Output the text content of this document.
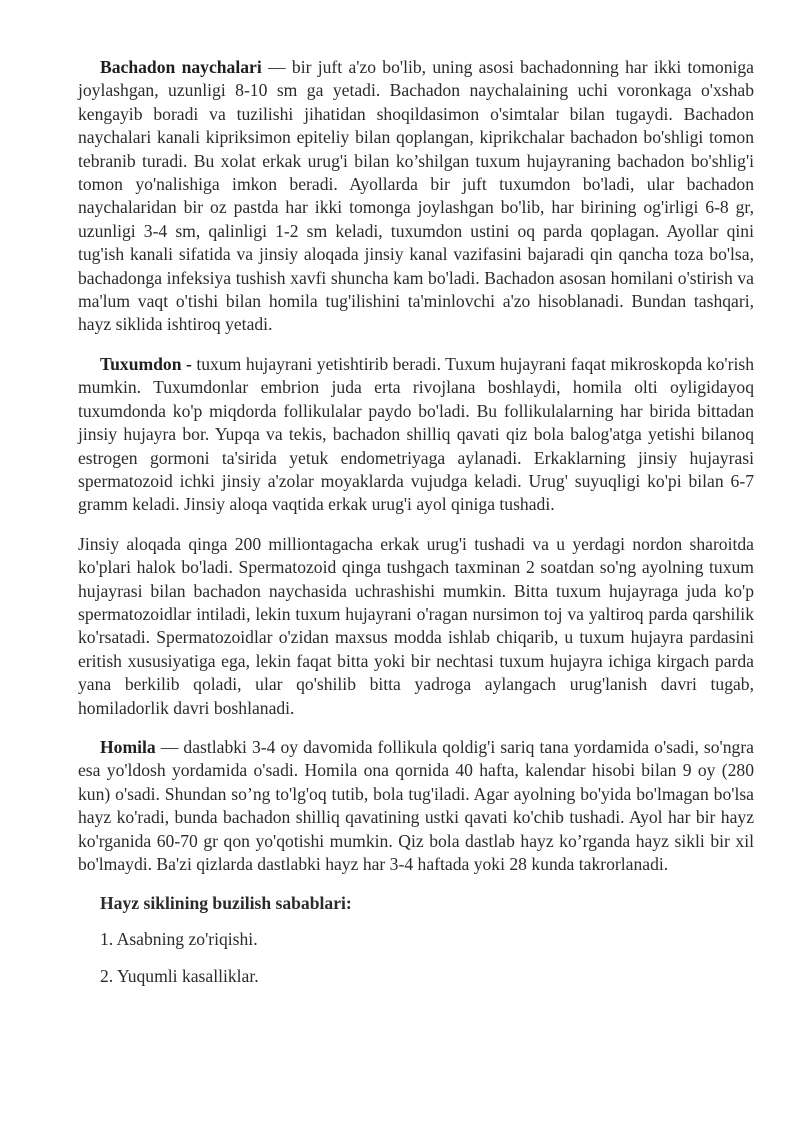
Bachadon naychalari — bir juft a'zo bo'lib, uning asosi bachadonning har ikki tomoniga joylashgan, uzunligi 8-10 sm ga yetadi. Bachadon naychalaining uchi voronkaga o'xshab kengayib boradi va tuzilishi jihatidan shoqildasimon o'simtalar bilan tugaydi. Bachadon naychalari kanali kipriksimon epiteliy bilan qoplangan, kiprikchalar bachadon bo'shligi tomon tebranib turadi. Bu xolat erkak urug'i bilan ko’shilgan tuxum hujayraning bachadon bo'shlig'i tomon yo'nalishiga imkon beradi. Ayollarda bir juft tuxumdon bo'ladi, ular bachadon naychalaridan bir oz pastda har ikki tomonga joylashgan bo'lib, har birining og'irligi 6-8 gr, uzunligi 3-4 sm, qalinligi 1-2 sm keladi, tuxumdon ustini oq parda qoplagan. Ayollar qini tug'ish kanali sifatida va jinsiy aloqada jinsiy kanal vazifasini bajaradi qin qancha toza bo'lsa, bachadonga infeksiya tushish xavfi shuncha kam bo'ladi. Bachadon asosan homilani o'stirish va ma'lum vaqt o'tishi bilan homila tug'ilishini ta'minlovchi a'zo hisoblanadi. Bundan tashqari, hayz siklida ishtiroq yetadi.

Tuxumdon - tuxum hujayrani yetishtirib beradi. Tuxum hujayrani faqat mikroskopda ko'rish mumkin. Tuxumdonlar embrion juda erta rivojlana boshlaydi, homila olti oyligidayoq tuxumdonda ko'p miqdorda follikulalar paydo bo'ladi. Bu follikulalarning har birida bittadan jinsiy hujayra bor. Yupqa va tekis, bachadon shilliq qavati qiz bola balog'atga yetishi bilanoq estrogen gormoni ta'sirida yetuk endometriyaga aylanadi. Erkaklarning jinsiy hujayrasi spermatozoid ichki jinsiy a'zolar moyaklarda vujudga keladi. Urug' suyuqligi ko'pi bilan 6-7 gramm keladi. Jinsiy aloqa vaqtida erkak urug'i ayol qiniga tushadi.

Jinsiy aloqada qinga 200 milliontagacha erkak urug'i tushadi va u yerdagi nordon sharoitda ko'plari halok bo'ladi. Spermatozoid qinga tushgach taxminan 2 soatdan so'ng ayolning tuxum hujayrasi bilan bachadon naychasida uchrashishi mumkin. Bitta tuxum hujayraga juda ko'p spermatozoidlar intiladi, lekin tuxum hujayrani o'ragan nursimon toj va yaltiroq parda qarshilik ko'rsatadi. Spermatozoidlar o'zidan maxsus modda ishlab chiqarib, u tuxum hujayra pardasini eritish xususiyatiga ega, lekin faqat bitta yoki bir nechtasi tuxum hujayra ichiga kirgach parda yana berkilib qoladi, ular qo'shilib bitta yadroga aylangach urug'lanish davri tugab, homiladorlik davri boshlanadi.

Homila — dastlabki 3-4 oy davomida follikula qoldig'i sariq tana yordamida o'sadi, so'ngra esa yo'ldosh yordamida o'sadi. Homila ona qornida 40 hafta, kalendar hisobi bilan 9 oy (280 kun) o'sadi. Shundan so’ng to'lg'oq tutib, bola tug'iladi. Agar ayolning bo'yida bo'lmagan bo'lsa hayz ko'radi, bunda bachadon shilliq qavatining ustki qavati ko'chib tushadi. Ayol har bir hayz ko'rganida 60-70 gr qon yo'qotishi mumkin. Qiz bola dastlab hayz ko’rganda hayz sikli bir xil bo'lmaydi. Ba'zi qizlarda dastlabki hayz har 3-4 haftada yoki 28 kunda takrorlanadi.

Hayz siklining buzilish sabablari:

1. Asabning zo'riqishi.

2. Yuqumli kasalliklar.
